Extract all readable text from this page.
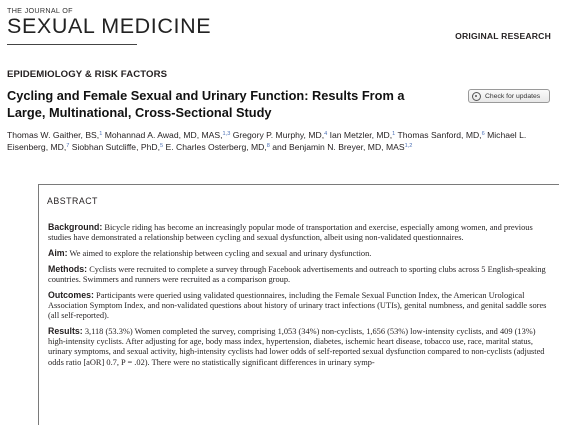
THE JOURNAL OF
SEXUAL MEDICINE	ORIGINAL RESEARCH
EPIDEMIOLOGY & RISK FACTORS
Cycling and Female Sexual and Urinary Function: Results From a Large, Multinational, Cross-Sectional Study
Check for updates
Thomas W. Gaither, BS,$^1$ Mohannad A. Awad, MD, MAS,$^{1,3}$ Gregory P. Murphy, MD,$^4$ Ian Metzler, MD,$^1$ Thomas Sanford, MD,$^6$ Michael L. Eisenberg, MD,$^7$ Siobhan Sutcliffe, PhD,$^5$ E. Charles Osterberg, MD,$^8$ and Benjamin N. Breyer, MD, MAS$^{1,2}$
ABSTRACT

Background: Bicycle riding has become an increasingly popular mode of transportation and exercise, especially among women, and previous studies have demonstrated a relationship between cycling and sexual dysfunction, albeit using non-validated questionnaires.

Aim: We aimed to explore the relationship between cycling and sexual and urinary dysfunction.

Methods: Cyclists were recruited to complete a survey through Facebook advertisements and outreach to sporting clubs across 5 English-speaking countries. Swimmers and runners were recruited as a comparison group.

Outcomes: Participants were queried using validated questionnaires, including the Female Sexual Function Index, the American Urological Association Symptom Index, and non-validated questions about history of urinary tract infections (UTIs), genital numbness, and genital saddle sores (all self-reported).

Results: 3,118 (53.3%) Women completed the survey, comprising 1,053 (34%) non-cyclists, 1,656 (53%) low-intensity cyclists, and 409 (13%) high-intensity cyclists. After adjusting for age, body mass index, hypertension, diabetes, ischemic heart disease, tobacco use, race, marital status, urinary symptoms, and sexual activity, high-intensity cyclists had lower odds of self-reported sexual dysfunction compared to non-cyclists (adjusted odds ratio [aOR] 0.7, P = .02). There were no statistically significant differences in urinary symp-
